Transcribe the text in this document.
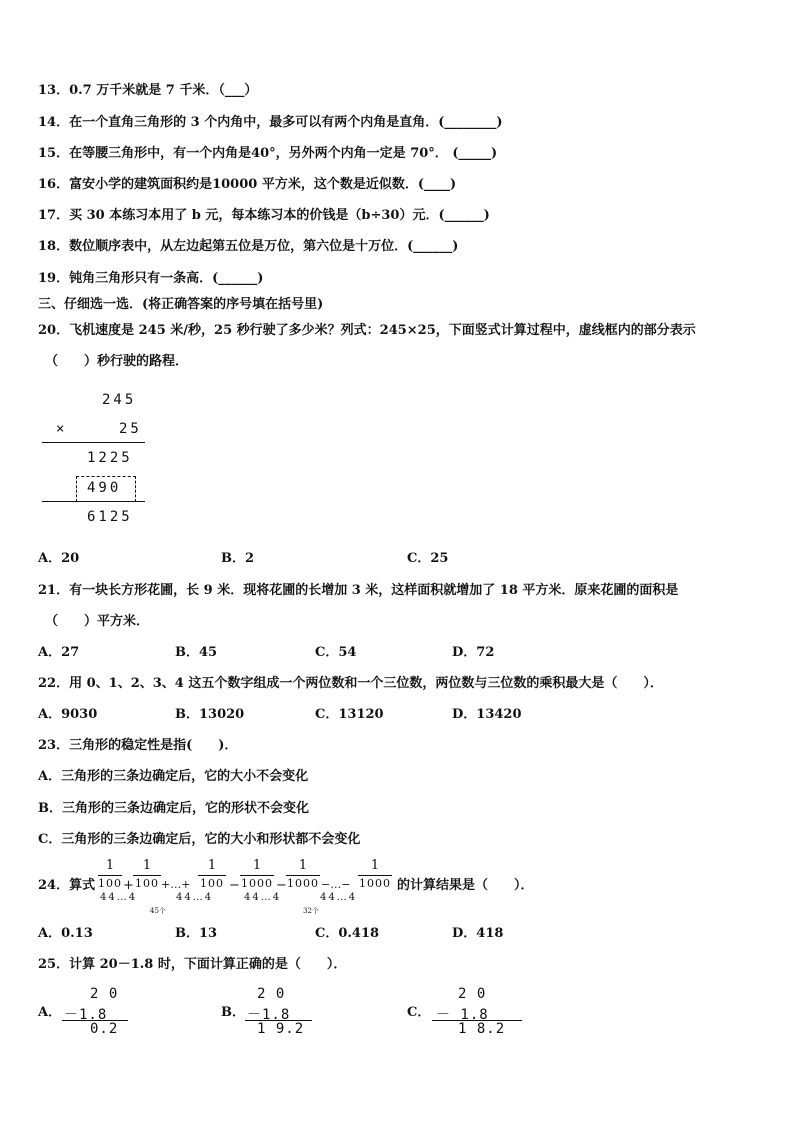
13．0.7 万千米就是 7 千米．（___）
14．在一个直角三角形的 3 个内角中，最多可以有两个内角是直角．(________)
15．在等腰三角形中，有一个内角是40°，另外两个内角一定是 70°． (_____)
16．富安小学的建筑面积约是10000 平方米，这个数是近似数．(____)
17．买 30 本练习本用了 b 元，每本练习本的价钱是（b÷30）元．(______)
18．数位顺序表中，从左边起第五位是万位，第六位是十万位．(______)
19．钝角三角形只有一条高．(______)
三、仔细选一选．(将正确答案的序号填在括号里)
20．飞机速度是 245 米/秒，25 秒行驶了多少米？列式：245×25，下面竖式计算过程中，虚线框内的部分表示
（　　）秒行驶的路程．
245
×	25
1225
490
6125
A．20	B．2	C．25
21．有一块长方形花圃，长 9 米．现将花圃的长增加 3 米，这样面积就增加了 18 平方米．原来花圃的面积是
（　　）平方米．
A．27	B．45	C．54	D．72
22．用 0、1、2、3、4 这五个数字组成一个两位数和一个三位数，两位数与三位数的乘积最大是（　　）．
A．9030	B．13020	C．13120	D．13420
23．三角形的稳定性是指(　　)．
A．三角形的三条边确定后，它的大小不会变化
B．三角形的三条边确定后，它的形状不会变化
C．三角形的三条边确定后，它的大小和形状都不会变化
24．算式
1
100 +
1
100 +…+
1
100 −
1
1000 −
1
1000 −…−
1
1000
44…4	44…4	44…4	44…4
45个	32个
的计算结果是（　　）．
A．0.13	B．13	C．0.418	D．418
25．计算 20－1.8 时，下面计算正确的是（　　）．
A．
2 0
－1.8
0.2
B．
2 0
－1.8
1 9.2
C．
2 0
－ 1.8
1 8.2
